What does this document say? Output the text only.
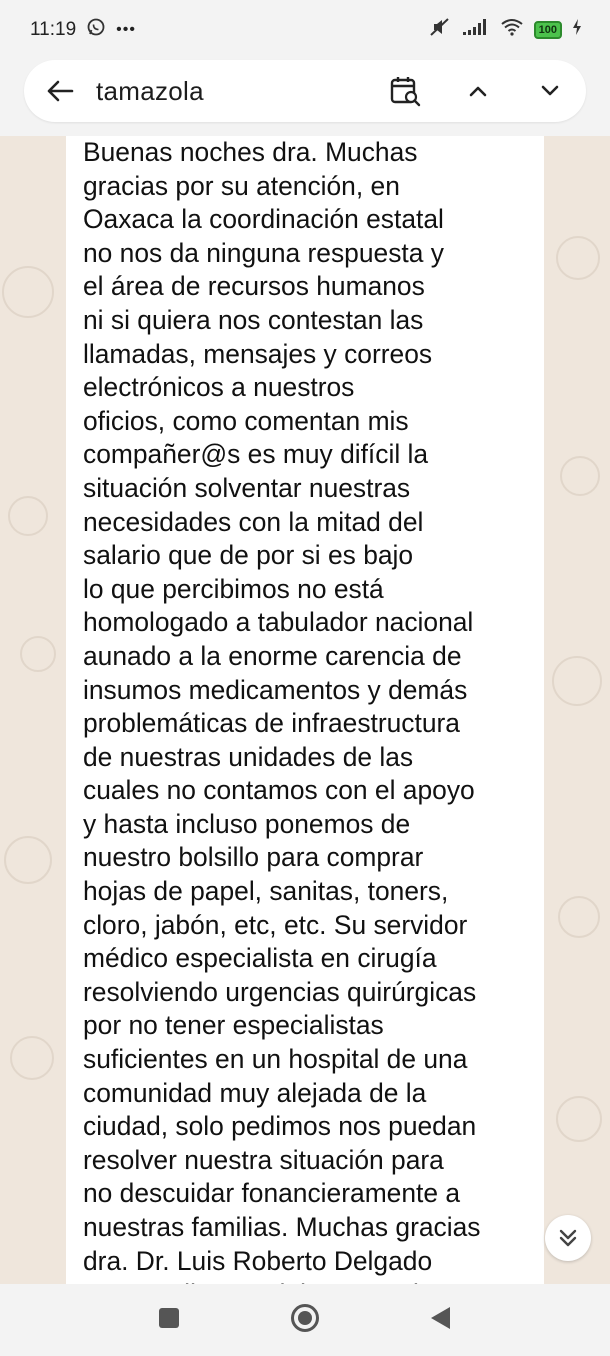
11:19	•••	100
tamazola
Buenas noches dra. Muchas
gracias por su atención, en
Oaxaca la coordinación estatal
no nos da ninguna respuesta y
el área de recursos humanos
ni si quiera nos contestan las
llamadas, mensajes y correos
electrónicos a nuestros
oficios, como comentan mis
compañer@s es muy difícil la
situación solventar nuestras
necesidades con la mitad del
salario que de por si es bajo
lo que percibimos no está
homologado a tabulador nacional
aunado a la enorme carencia de
insumos medicamentos y demás
problemáticas de infraestructura
de nuestras unidades de las
cuales no contamos con el apoyo
y hasta incluso ponemos de
nuestro bolsillo para comprar
hojas de papel, sanitas, toners,
cloro, jabón, etc, etc. Su servidor
médico especialista en cirugía
resolviendo urgencias quirúrgicas
por no tener especialistas
suficientes en un hospital de una
comunidad muy alejada de la
ciudad, solo pedimos nos puedan
resolver nuestra situación para
no descuidar fonancieramente a
nuestras familias. Muchas gracias
dra. Dr. Luis Roberto Delgado
